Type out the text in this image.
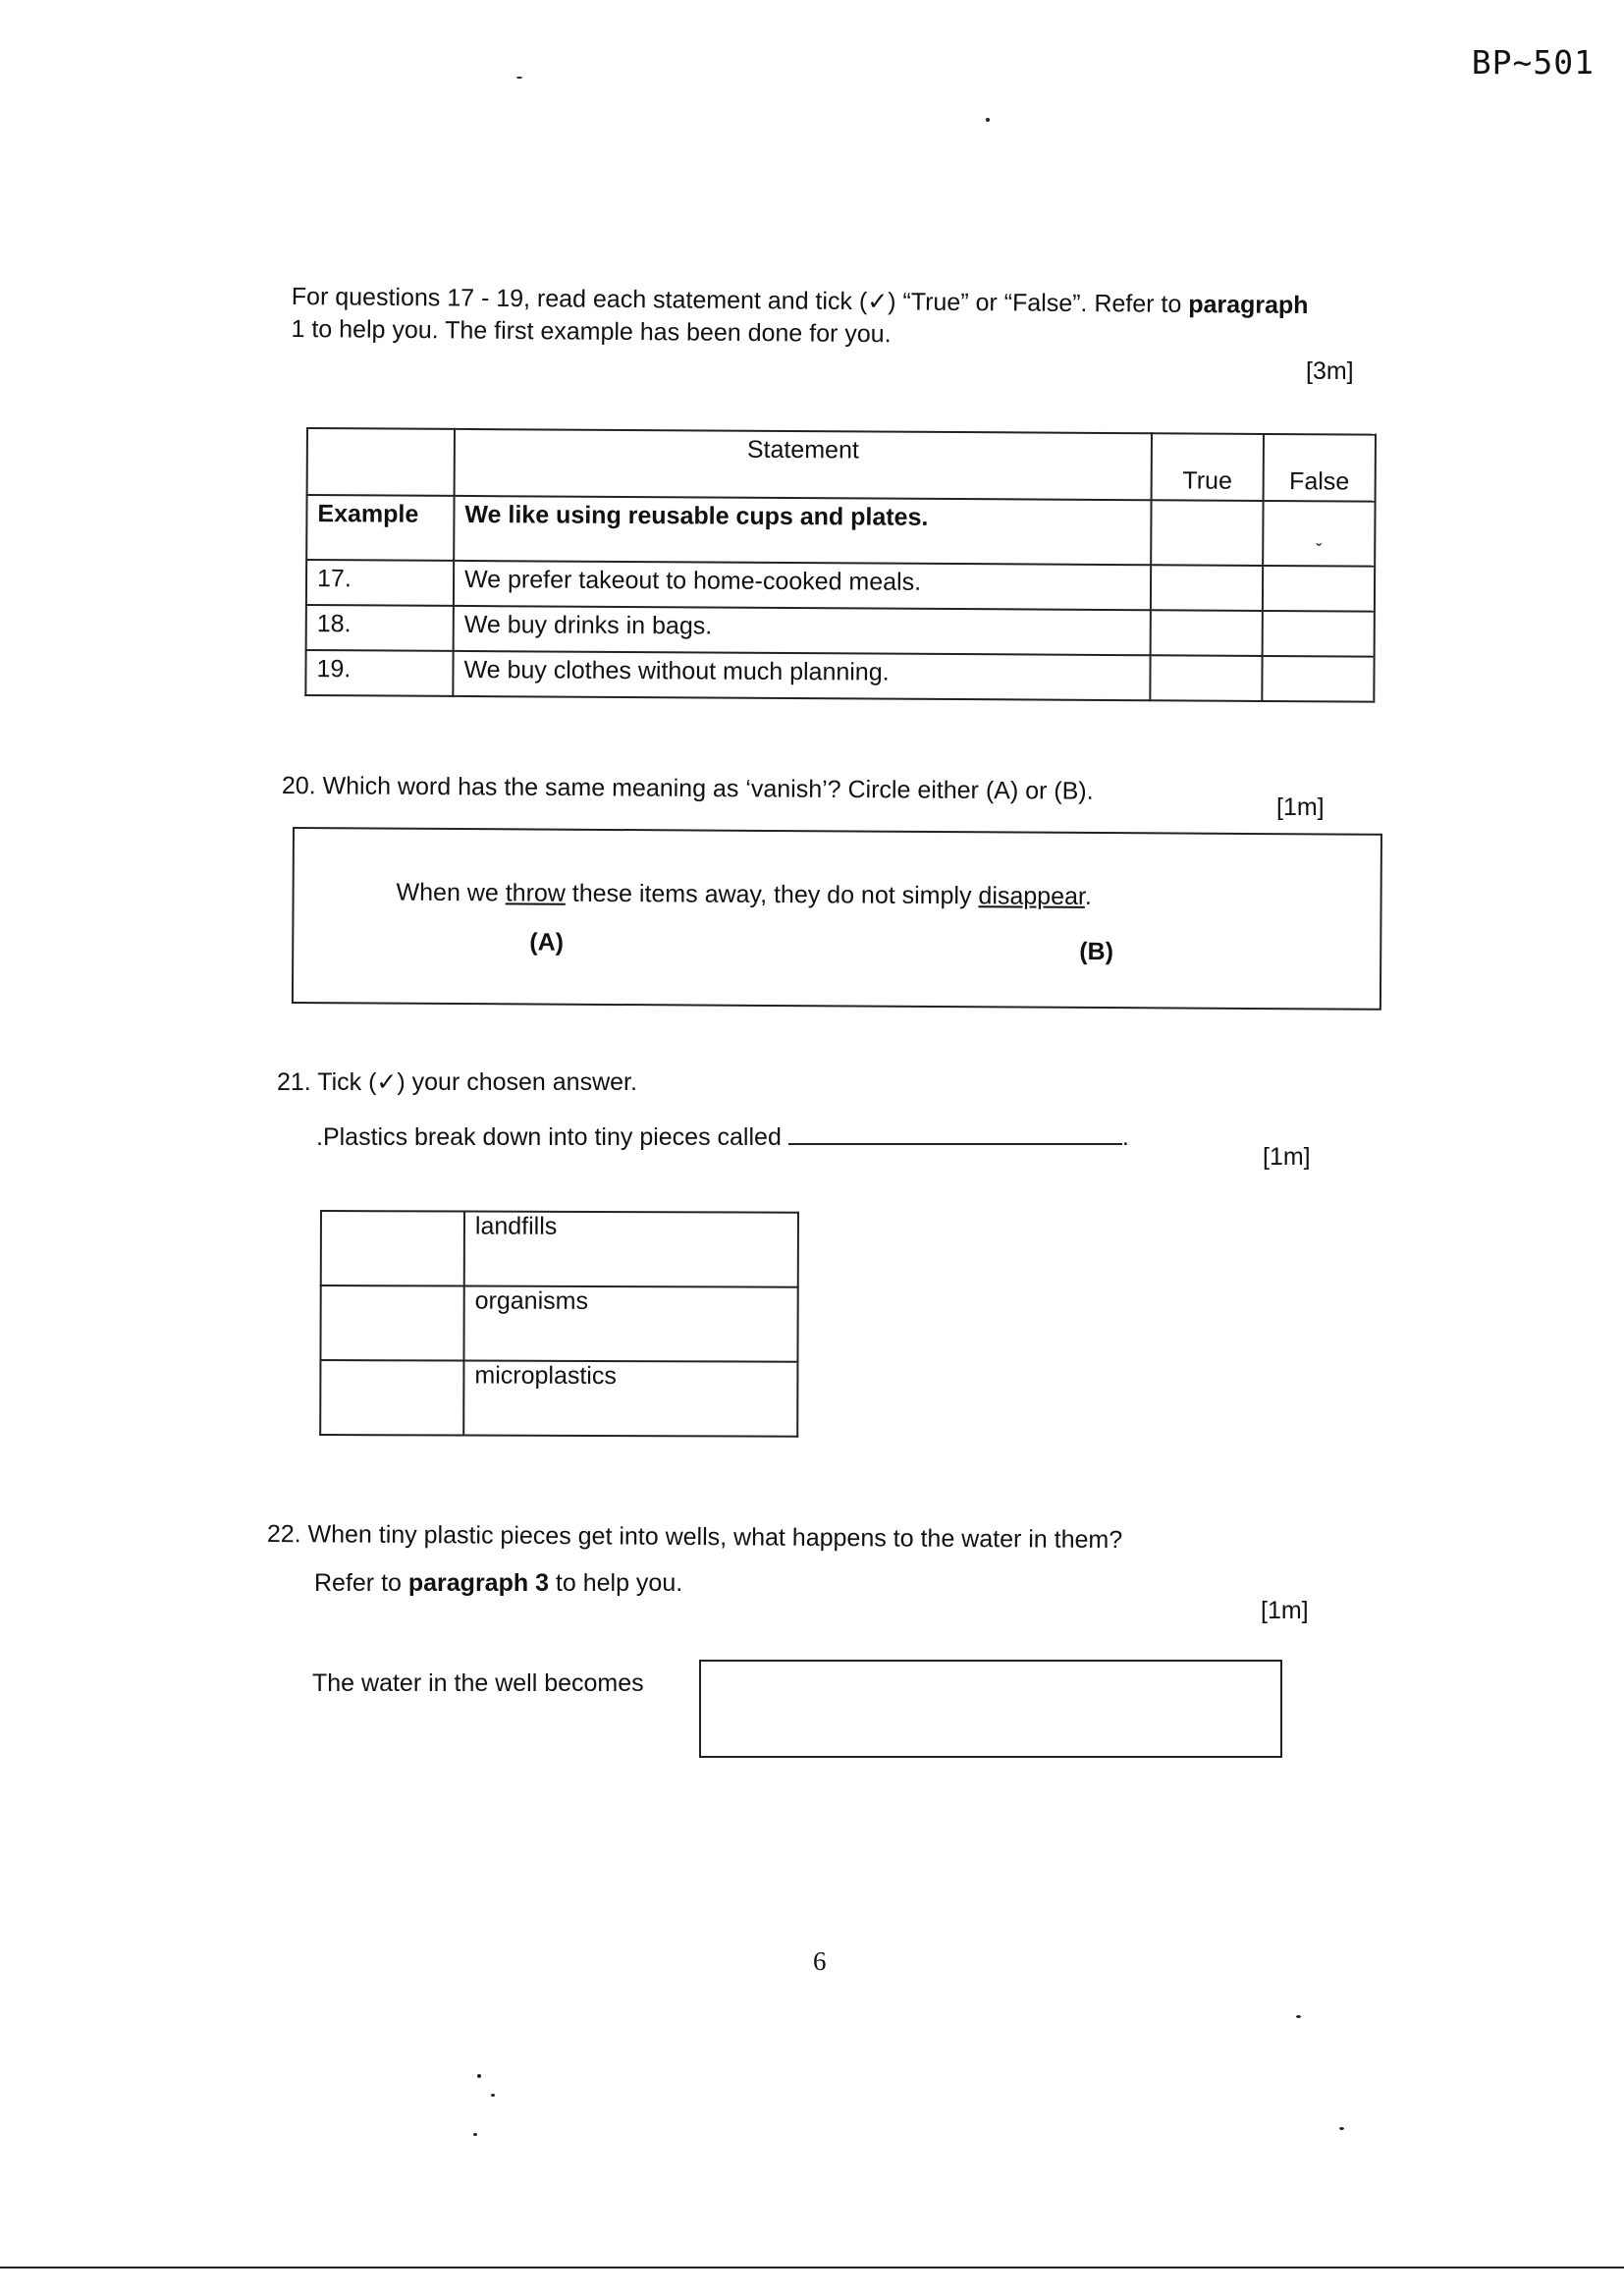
BP~501
For questions 17 - 19, read each statement and tick (✓) “True” or “False”. Refer to paragraph
1 to help you. The first example has been done for you.
[3m]
	Statement	True	False
Example	We like using reusable cups and plates.		ˇ
17.	We prefer takeout to home-cooked meals.		
18.	We buy drinks in bags.		
19.	We buy clothes without much planning.		
20. Which word has the same meaning as ‘vanish’? Circle either (A) or (B).
[1m]
When we throw these items away, they do not simply disappear.
(A)	(B)
21. Tick (✓) your chosen answer.
.Plastics break down into tiny pieces called	.
[1m]
	landfills
	organisms
	microplastics
22. When tiny plastic pieces get into wells, what happens to the water in them?
Refer to paragraph 3 to help you.
[1m]
The water in the well becomes
6
